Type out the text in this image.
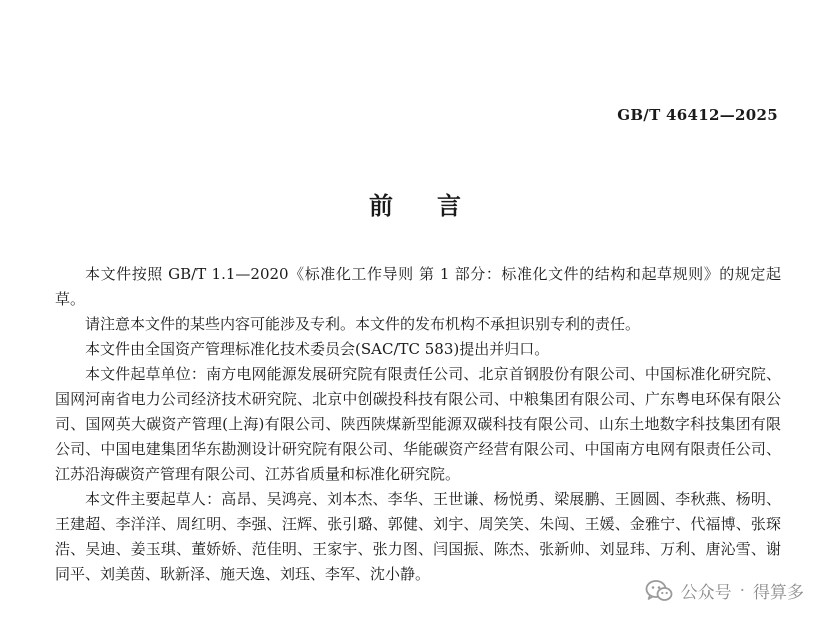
GB/T 46412—2025
前言

本文件按照 GB/T 1.1—2020《标准化工作导则 第 1 部分：标准化文件的结构和起草规则》的规定起草。

请注意本文件的某些内容可能涉及专利。本文件的发布机构不承担识别专利的责任。

本文件由全国资产管理标准化技术委员会(SAC/TC 583)提出并归口。

本文件起草单位：南方电网能源发展研究院有限责任公司、北京首钢股份有限公司、中国标准化研究院、国网河南省电力公司经济技术研究院、北京中创碳投科技有限公司、中粮集团有限公司、广东粤电环保有限公司、国网英大碳资产管理(上海)有限公司、陕西陕煤新型能源双碳科技有限公司、山东土地数字科技集团有限公司、中国电建集团华东勘测设计研究院有限公司、华能碳资产经营有限公司、中国南方电网有限责任公司、江苏沿海碳资产管理有限公司、江苏省质量和标准化研究院。

本文件主要起草人：高昂、吴鸿亮、刘本杰、李华、王世谦、杨悦勇、梁展鹏、王圆圆、李秋燕、杨明、王建超、李洋洋、周红明、李强、汪辉、张引璐、郭健、刘宇、周笑笑、朱闯、王媛、金雅宁、代福博、张琛浩、吴迪、姜玉琪、董娇娇、范佳明、王家宇、张力图、闫国振、陈杰、张新帅、刘显玮、万利、唐沁雪、谢同平、刘美茵、耿新泽、施天逸、刘珏、李军、沈小静。

公众号 · 得算多
